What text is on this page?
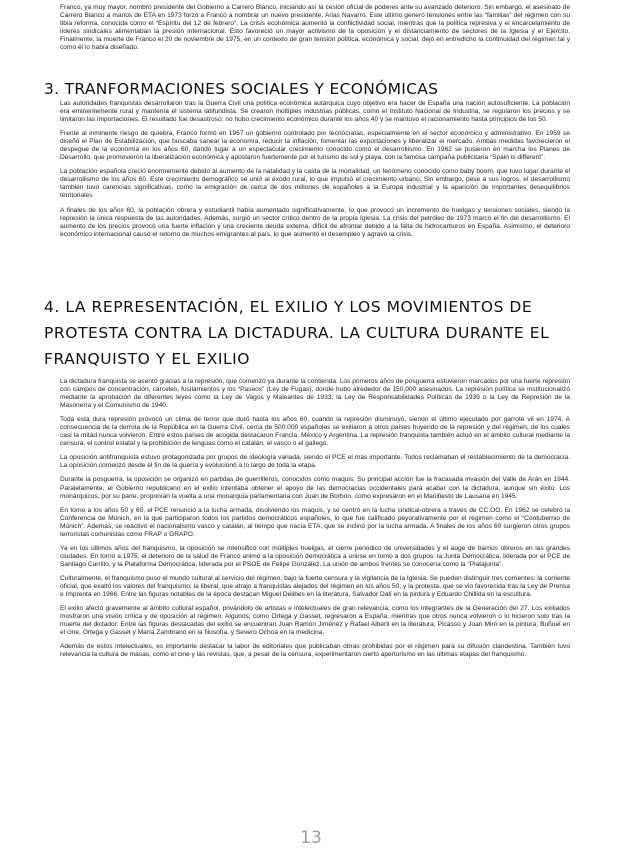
Franco, ya muy mayor, nombró presidente del Gobierno a Carrero Blanco, iniciando así la cesión oficial de poderes ante su avanzado deterioro. Sin embargo, el asesinato de Carrero Blanco a manos de ETA en 1973 forzó a Franco a nombrar un nuevo presidente, Arias Navarro. Este último generó tensiones entre las “familias” del régimen con su tibia reforma, conocida como el “Espíritu del 12 de febrero”. La crisis económica aumentó la conflictividad social, mientras que la política represiva y el encarcelamiento de líderes sindicales alimentaban la presión internacional. Esto favoreció un mayor activismo de la oposición y el distanciamiento de sectores de la Iglesia y el Ejército. Finalmente, la muerte de Franco el 20 de noviembre de 1975, en un contexto de gran tensión política, económica y social, dejó en entredicho la continuidad del régimen tal y como él lo había diseñado.

3. TRANFORMACIONES SOCIALES Y ECONÓMICAS

Las autoridades franquistas desarrollaron tras la Guerra Civil una política económica autárquica cuyo objetivo era hacer de España una nación autosuficiente. La población era eminentemente rural y mantenía el sistema latifundista. Se crearon múltiples industrias públicas, como el Instituto Nacional de Industria, se regularon los precios y se limitaron las importaciones. El resultado fue desastroso: no hubo crecimiento económico durante los años 40 y se mantuvo el racionamiento hasta principios de los 50.

Frente al inminente riesgo de quiebra, Franco formó en 1957 un gobierno controlado por tecnócratas, especialmente en el sector económico y administrativo. En 1959 se diseñó el Plan de Estabilización, que buscaba sanear la economía, reducir la inflación, fomentar las exportaciones y liberalizar el mercado. Ambas medidas favorecieron el despegue de la economía en los años 60, dando lugar a un espectacular crecimiento conocido como el desarrollismo. En 1962 se pusieron en marcha los Planes de Desarrollo, que promovieron la liberalización económica y apostaron fuertemente por el turismo de sol y playa, con la famosa campaña publicitaria “Spain is different”.

La población española creció enormemente debido al aumento de la natalidad y la caída de la mortalidad, un fenómeno conocido como baby boom, que tuvo lugar durante el desarrollismo de los años 60. Este crecimiento demográfico se unió al éxodo rural, lo que impulsó el crecimiento urbano. Sin embargo, pese a sus logros, el desarrollismo también tuvo carencias significativas, como la emigración de cerca de dos millones de españoles a la Europa industrial y la aparición de importantes desequilibrios territoriales

A finales de los años 60, la población obrera y estudiantil había aumentado significativamente, lo que provocó un incremento de huelgas y tensiones sociales, siendo la represión la única respuesta de las autoridades. Además, surgió un sector crítico dentro de la propia Iglesia. La crisis del petróleo de 1973 marcó el fin del desarrollismo. El aumento de los precios provocó una fuerte inflación y una creciente deuda externa, difícil de afrontar debido a la falta de hidrocarburos en España. Asimismo, el deterioro económico internacional causó el retorno de muchos emigrantes al país, lo que aumentó el desempleo y agravó la crisis.

4. LA REPRESENTACIÓN, EL EXILIO Y LOS MOVIMIENTOS DE PROTESTA CONTRA LA DICTADURA. LA CULTURA DURANTE EL FRANQUISTO Y EL EXILIO

La dictadura franquista se asentó gracias a la represión, que comenzó ya durante la contienda. Los primeros años de posguerra estuvieron marcados por una fuerte represión con campos de concentración, cárceles, fusilamientos y los “Paseos” (Ley de Fugas), donde hubo alrededor de 150.000 asesinados. La represión política se institucionalizó mediante la aprobación de diferentes leyes como la Ley de Vagos y Maleantes de 1933, la Ley de Responsabilidades Políticas de 1939 o la Ley de Represión de la Masonería y el Comunismo de 1940.

Toda esta dura represión provocó un clima de terror que duró hasta los años 60, cuando la represión disminuyó, siendo el último ejecutado por garrote vil en 1974. A consecuencia de la derrota de la República en la Guerra Civil, cerca de 500.000 españoles se exiliaron a otros países huyendo de la represión y del régimen, de los cuales casi la mitad nunca volvieron. Entre estos países de acogida destacaron Francia, México y Argentina. La represión franquista también actuó en el ámbito cultural mediante la censura, el control estatal y la prohibición de lenguas como el catalán, el vasco o el gallego.

La oposición antifranquista estuvo protagonizada por grupos de ideología variada, siendo el PCE el más importante. Todos reclamaban el restablecimiento de la democracia. La oposición comenzó desde el fin de la guerra y evolucionó a lo largo de toda la etapa.

Durante la posguerra, la oposición se organizó en partidas de guerrilleros, conocidos como maquis. Su principal acción fue la fracasada invasión del Valle de Arán en 1944. Paralelamente, el Gobierno republicano en el exilio intentaba obtener el apoyo de las democracias occidentales para acabar con la dictadura, aunque sin éxito. Los monárquicos, por su parte, proponían la vuelta a una monarquía parlamentaria con Juan de Borbón, como expresaron en el Manifiesto de Lausana en 1945.

En torno a los años 50 y 60, el PCE renunció a la lucha armada, disolviendo los maquis, y se centró en la lucha sindical-obrera a través de CC.OO. En 1962 se celebró la Conferencia de Múnich, en la que participaron todos los partidos democráticos españoles, lo que fue calificado peyorativamente por el régimen como el “Contubernio de Múnich”. Además, se reactivó el nacionalismo vasco y catalán, al tiempo que nacía ETA, que se inclinó por la lucha armada. A finales de los años 60 surgieron otros grupos terroristas comunistas como FRAP o GRAPO.

Ya en los últimos años del franquismo, la oposición se intensificó con múltiples huelgas, el cierre periódico de universidades y el auge de barrios obreros en las grandes ciudades. En torno a 1975, el deterioro de la salud de Franco animó a la oposición democrática a unirse en torno a dos grupos: la Junta Democrática, liderada por el PCE de Santiago Carrillo, y la Plataforma Democrática, liderada por el PSOE de Felipe González. La unión de ambos frentes se conocería como la “Platajunta”.

Culturalmente, el franquismo puso el mundo cultural al servicio del régimen, bajo la fuerte censura y la vigilancia de la Iglesia. Se pueden distinguir tres corrientes: la corriente oficial, que exaltó los valores del franquismo; la liberal, que atrajo a franquistas alejados del régimen en los años 50; y la protesta, que se vio favorecida tras la Ley de Prensa e Imprenta en 1966. Entre las figuras notables de la época destacan Miguel Delibes en la literatura, Salvador Dalí en la pintura y Eduardo Chillida en la escultura.

El exilio afectó gravemente al ámbito cultural español, privándolo de artistas e intelectuales de gran relevancia, como los integrantes de la Generación del 27. Los exiliados mostraron una visión crítica y de oposición al régimen. Algunos, como Ortega y Gasset, regresaron a España, mientras que otros nunca volvieron o lo hicieron solo tras la muerte del dictador. Entre las figuras destacadas del exilio se encuentran Juan Ramón Jiménez y Rafael Alberti en la literatura, Picasso y Joan Miró en la pintura, Buñuel en el cine, Ortega y Gasset y María Zambrano en la filosofía, y Severo Ochoa en la medicina.

Además de estos intelectuales, es importante destacar la labor de editoriales que publicaban obras prohibidas por el régimen para su difusión clandestina. También tuvo relevancia la cultura de masas, como el cine y las revistas, que, a pesar de la censura, experimentaron cierto aperturismo en las últimas etapas del franquismo.

13
